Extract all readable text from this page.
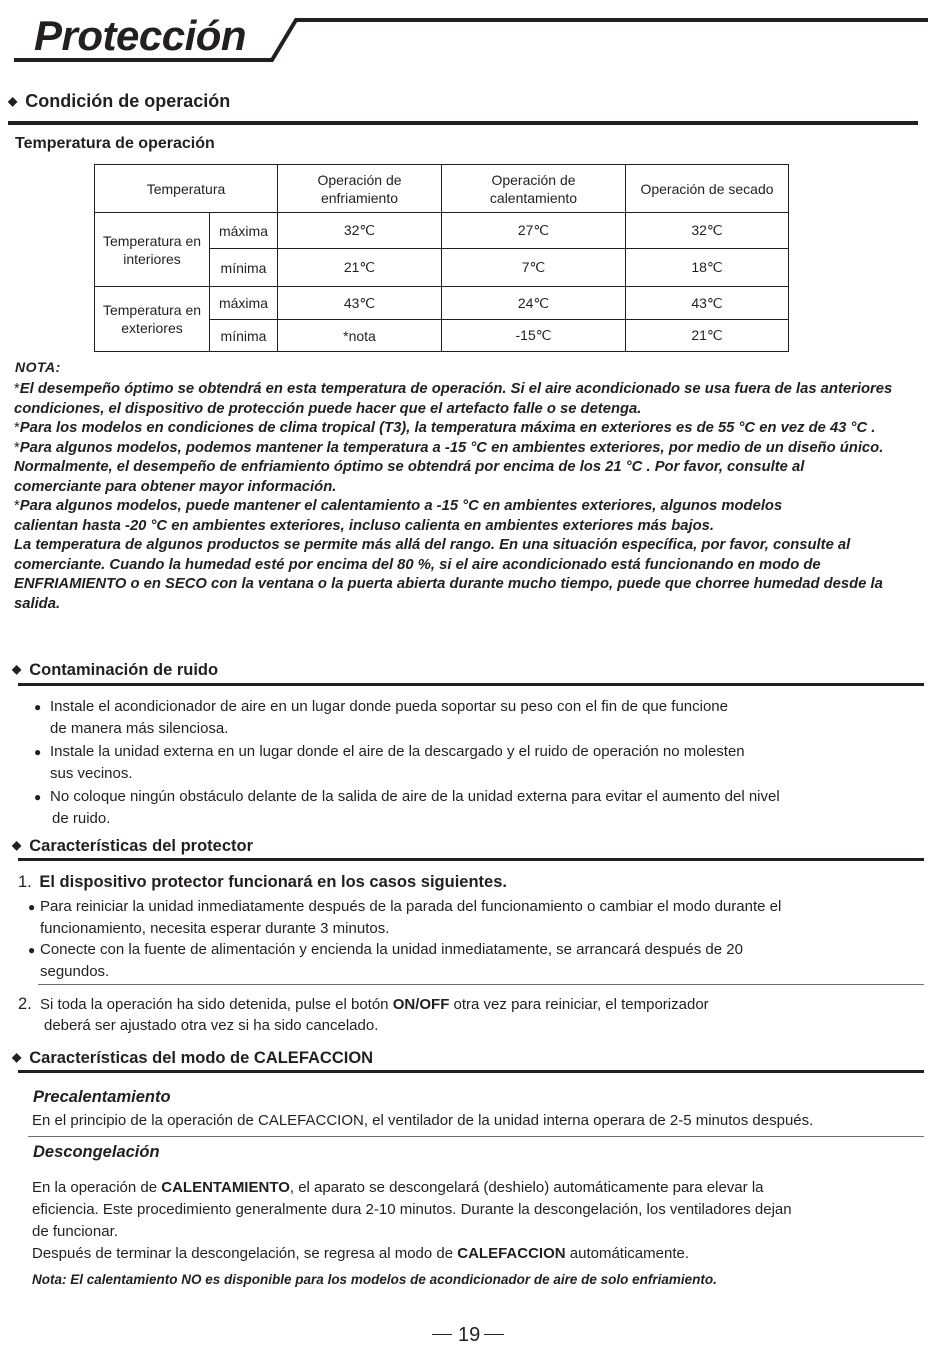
Protección
◆ Condición de operación
Temperatura de operación
Temperatura		Operación de enfriamiento	Operación de calentamiento	Operación de secado
Temperatura en interiores	máxima	32℃	27℃	32℃
	mínima	21℃	7℃	18℃
Temperatura en exteriores	máxima	43℃	24℃	43℃
	mínima	*nota	-15℃	21℃
NOTA:

*El desempeño óptimo se obtendrá en esta temperatura de operación. Si el aire acondicionado se usa fuera de las anteriores condiciones, el dispositivo de protección puede hacer que el artefacto falle o se detenga.

*Para los modelos en condiciones de clima tropical (T3), la temperatura máxima en exteriores es de 55 °C en vez de 43 °C .

*Para algunos modelos, podemos mantener la temperatura a -15 °C en ambientes exteriores, por medio de un diseño único. Normalmente, el desempeño de enfriamiento óptimo se obtendrá por encima de los 21 °C . Por favor, consulte al comerciante para obtener mayor información.

*Para algunos modelos, puede mantener el calentamiento a -15 °C en ambientes exteriores, algunos modelos calientan hasta -20 °C en ambientes exteriores, incluso calienta en ambientes exteriores más bajos.

La temperatura de algunos productos se permite más allá del rango. En una situación específica, por favor, consulte al comerciante. Cuando la humedad esté por encima del 80 %, si el aire acondicionado está funcionando en modo de ENFRIAMIENTO o en SECO con la ventana o la puerta abierta durante mucho tiempo, puede que chorree humedad desde la salida.

◆ Contaminación de ruido
● Instale el acondicionador de aire en un lugar donde pueda soportar su peso con el fin de que funcione
de manera más silenciosa.
● Instale la unidad externa en un lugar donde el aire de la descargado y el ruido de operación no molesten
sus vecinos.
● No coloque ningún obstáculo delante de la salida de aire de la unidad externa para evitar el aumento del nivel
de ruido.
◆ Características del protector
1. El dispositivo protector funcionará en los casos siguientes.
● Para reiniciar la unidad inmediatamente después de la parada del funcionamiento o cambiar el modo durante el
funcionamiento, necesita esperar durante 3 minutos.
● Conecte con la fuente de alimentación y encienda la unidad inmediatamente, se arrancará después de 20
segundos.
2. Si toda la operación ha sido detenida, pulse el botón ON/OFF otra vez para reiniciar, el temporizador
deberá ser ajustado otra vez si ha sido cancelado.
◆ Características del modo de CALEFACCION
Precalentamiento
En el principio de la operación de CALEFACCION, el ventilador de la unidad interna operara de 2-5 minutos después.
Descongelación
En la operación de CALENTAMIENTO, el aparato se descongelará (deshielo) automáticamente para elevar la
eficiencia. Este procedimiento generalmente dura 2-10 minutos. Durante la descongelación, los ventiladores dejan
de funcionar.
Después de terminar la descongelación, se regresa al modo de CALEFACCION automáticamente.
Nota: El calentamiento NO es disponible para los modelos de acondicionador de aire de solo enfriamiento.
19
